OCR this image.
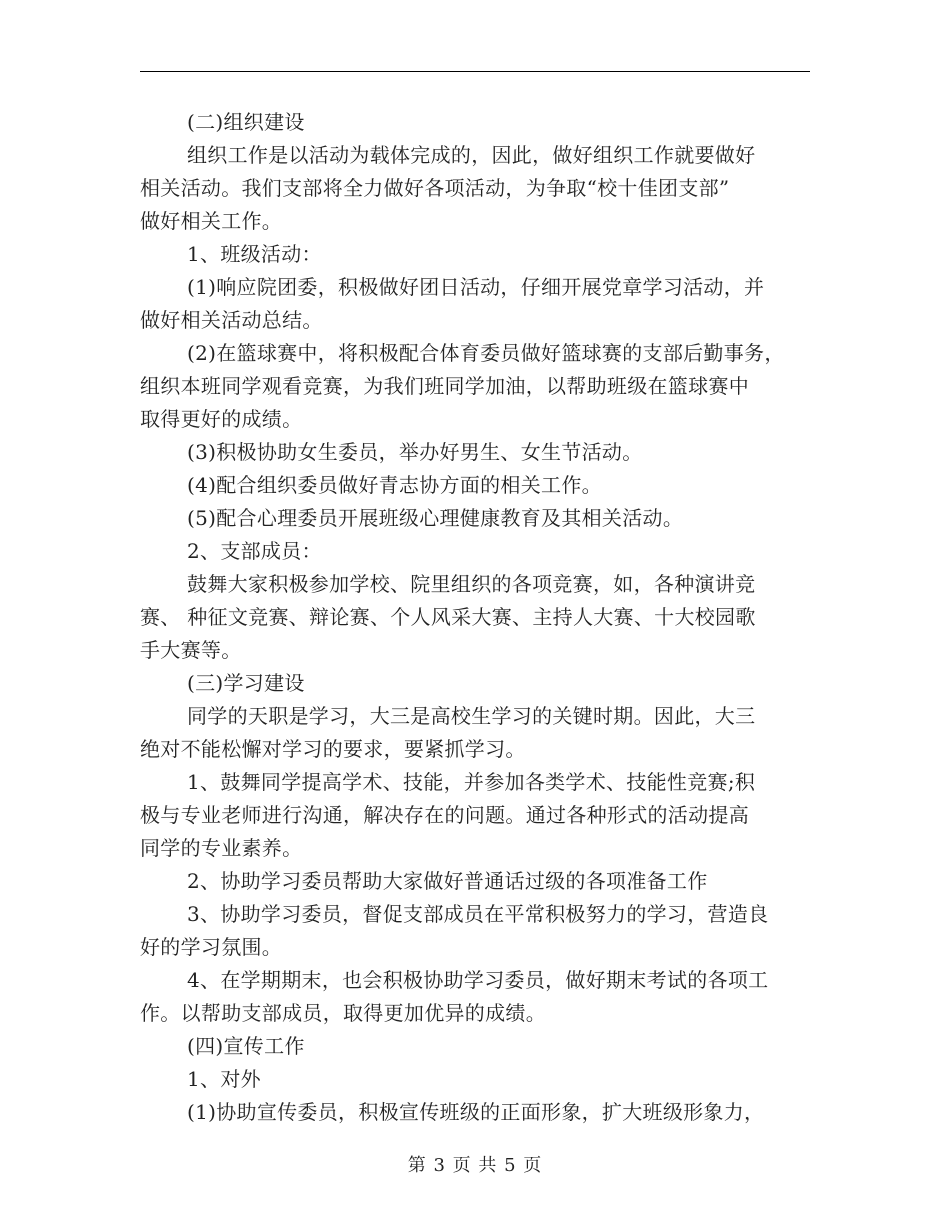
(二)组织建设
组织工作是以活动为载体完成的，因此，做好组织工作就要做好
相关活动。我们支部将全力做好各项活动，为争取“校十佳团支部”
做好相关工作。
1、班级活动：
(1)响应院团委，积极做好团日活动，仔细开展党章学习活动，并
做好相关活动总结。
(2)在篮球赛中，将积极配合体育委员做好篮球赛的支部后勤事务，
组织本班同学观看竞赛，为我们班同学加油，以帮助班级在篮球赛中
取得更好的成绩。
(3)积极协助女生委员，举办好男生、女生节活动。
(4)配合组织委员做好青志协方面的相关工作。
(5)配合心理委员开展班级心理健康教育及其相关活动。
2、支部成员：
鼓舞大家积极参加学校、院里组织的各项竞赛，如，各种演讲竞
赛、 种征文竞赛、辩论赛、个人风采大赛、主持人大赛、十大校园歌
手大赛等。
(三)学习建设
同学的天职是学习，大三是高校生学习的关键时期。因此，大三
绝对不能松懈对学习的要求，要紧抓学习。
1、鼓舞同学提高学术、技能，并参加各类学术、技能性竞赛;积
极与专业老师进行沟通，解决存在的问题。通过各种形式的活动提高
同学的专业素养。
2、协助学习委员帮助大家做好普通话过级的各项准备工作
3、协助学习委员，督促支部成员在平常积极努力的学习，营造良
好的学习氛围。
4、在学期期末，也会积极协助学习委员，做好期末考试的各项工
作。以帮助支部成员，取得更加优异的成绩。
(四)宣传工作
1、对外
(1)协助宣传委员，积极宣传班级的正面形象，扩大班级形象力，
第 3 页 共 5 页
